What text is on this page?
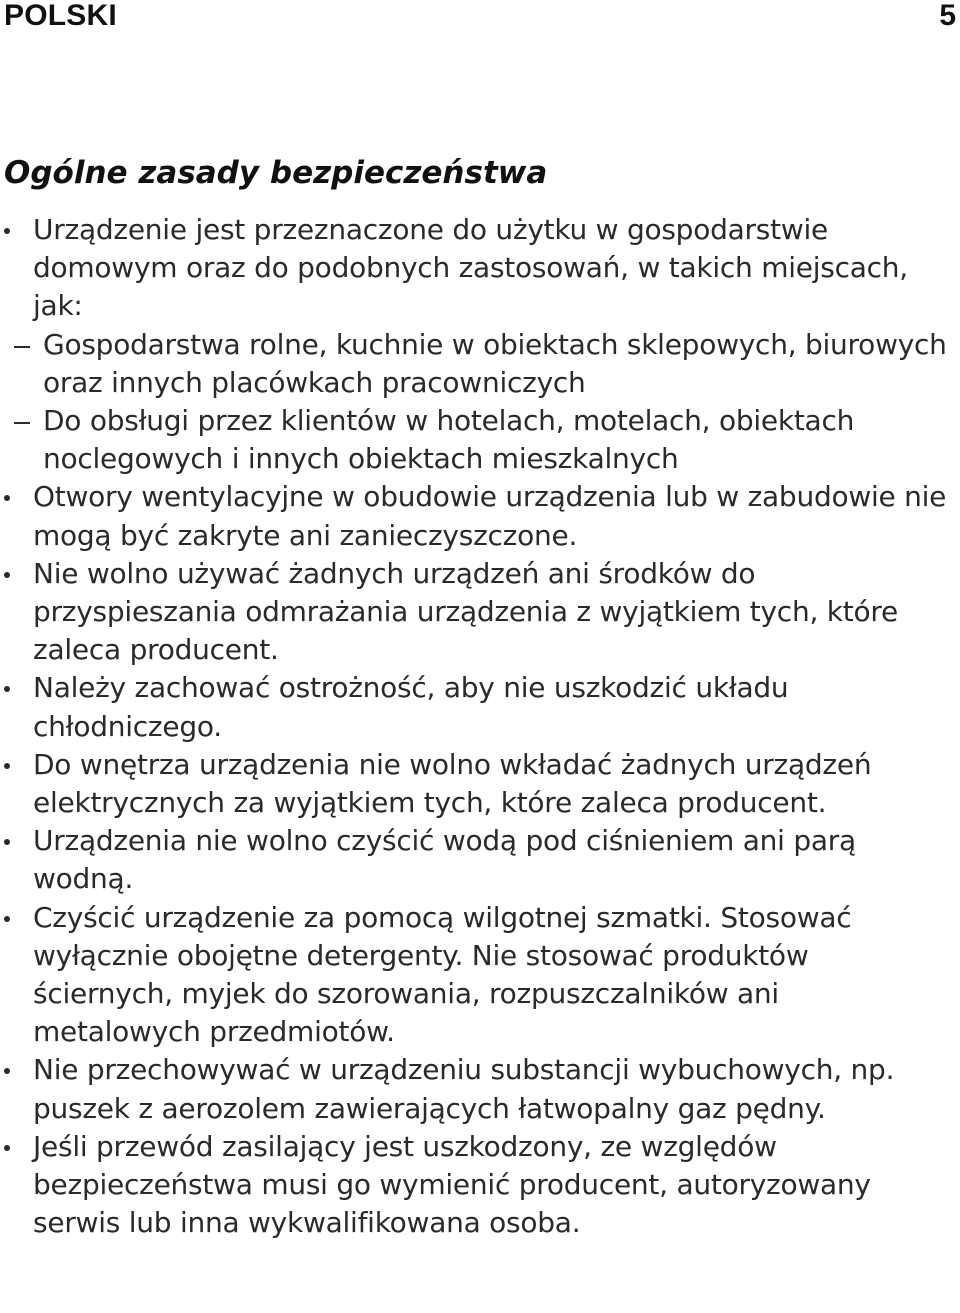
POLSKI	5
Ogólne zasady bezpieczeństwa
Urządzenie jest przeznaczone do użytku w gospodarstwie domowym oraz do podobnych zastosowań, w takich miejscach, jak:
Gospodarstwa rolne, kuchnie w obiektach sklepowych, biurowych oraz innych placówkach pracowniczych
Do obsługi przez klientów w hotelach, motelach, obiektach noclegowych i innych obiektach mieszkalnych
Otwory wentylacyjne w obudowie urządzenia lub w zabudowie nie mogą być zakryte ani zanieczyszczone.
Nie wolno używać żadnych urządzeń ani środków do przyspieszania odmrażania urządzenia z wyjątkiem tych, które zaleca producent.
Należy zachować ostrożność, aby nie uszkodzić układu chłodniczego.
Do wnętrza urządzenia nie wolno wkładać żadnych urządzeń elektrycznych za wyjątkiem tych, które zaleca producent.
Urządzenia nie wolno czyścić wodą pod ciśnieniem ani parą wodną.
Czyścić urządzenie za pomocą wilgotnej szmatki. Stosować wyłącznie obojętne detergenty. Nie stosować produktów ściernych, myjek do szorowania, rozpuszczalników ani metalowych przedmiotów.
Nie przechowywać w urządzeniu substancji wybuchowych, np. puszek z aerozolem zawierających łatwopalny gaz pędny.
Jeśli przewód zasilający jest uszkodzony, ze względów bezpieczeństwa musi go wymienić producent, autoryzowany serwis lub inna wykwalifikowana osoba.
